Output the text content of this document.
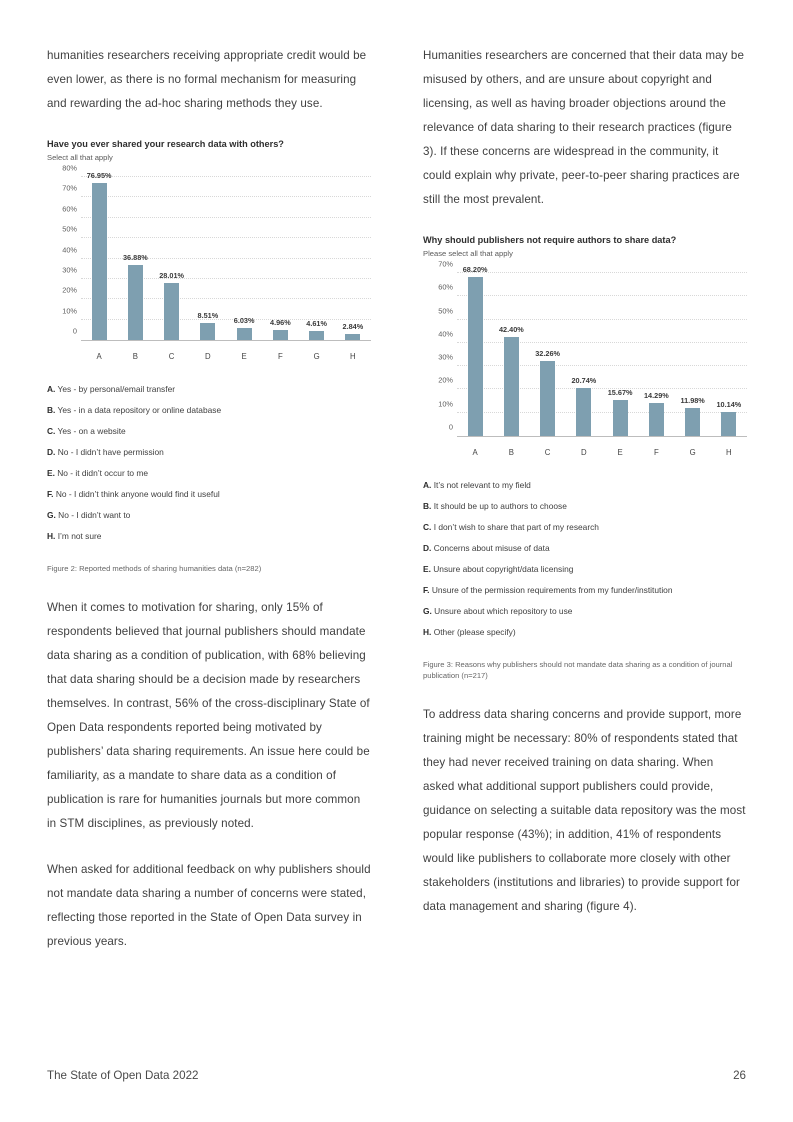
humanities researchers receiving appropriate credit would be even lower, as there is no formal mechanism for measuring and rewarding the ad-hoc sharing methods they use.

Have you ever shared your research data with others?
Select all that apply
0
10%
20%
30%
40%
50%
60%
70%
80%
76.95%
36.88%
28.01%
8.51%
6.03% 4.96% 4.61% 2.84%
A	B	C	D	E	F	G	H
A. Yes - by personal/email transfer
B. Yes - in a data repository or online database
C. Yes - on a website
D. No - I didn’t have permission
E. No - it didn’t occur to me
F. No - I didn’t think anyone would find it useful
G. No - I didn’t want to
H. I’m not sure
Figure 2: Reported methods of sharing humanities data (n=282)

When it comes to motivation for sharing, only 15% of respondents believed that journal publishers should mandate data sharing as a condition of publication, with 68% believing that data sharing should be a decision made by researchers themselves. In contrast, 56% of the cross-disciplinary State of Open Data respondents reported being motivated by publishers’ data sharing requirements. An issue here could be familiarity, as a mandate to share data as a condition of publication is rare for humanities journals but more common in STM disciplines, as previously noted.

When asked for additional feedback on why publishers should not mandate data sharing a number of concerns were stated, reflecting those reported in the State of Open Data survey in previous years.

Humanities researchers are concerned that their data may be misused by others, and are unsure about copyright and licensing, as well as having broader objections around the relevance of data sharing to their research practices (figure 3). If these concerns are widespread in the community, it could explain why private, peer-to-peer sharing practices are still the most prevalent.

Why should publishers not require authors to share data?
Please select all that apply
0
10%
20%
30%
40%
50%
60%
70%
68.20%
42.40%
32.26%
20.74%
15.67% 14.29%
11.98% 10.14%
A	B	C	D	E	F	G	H
A. It’s not relevant to my field
B. It should be up to authors to choose
C. I don’t wish to share that part of my research
D. Concerns about misuse of data
E. Unsure about copyright/data licensing
F. Unsure of the permission requirements from my funder/institution
G. Unsure about which repository to use
H. Other (please specify)
Figure 3: Reasons why publishers should not mandate data sharing as a condition of journal publication (n=217)

To address data sharing concerns and provide support, more training might be necessary: 80% of respondents stated that they had never received training on data sharing. When asked what additional support publishers could provide, guidance on selecting a suitable data repository was the most popular response (43%); in addition, 41% of respondents would like publishers to collaborate more closely with other stakeholders (institutions and libraries) to provide support for data management and sharing (figure 4).

The State of Open Data 2022	26
